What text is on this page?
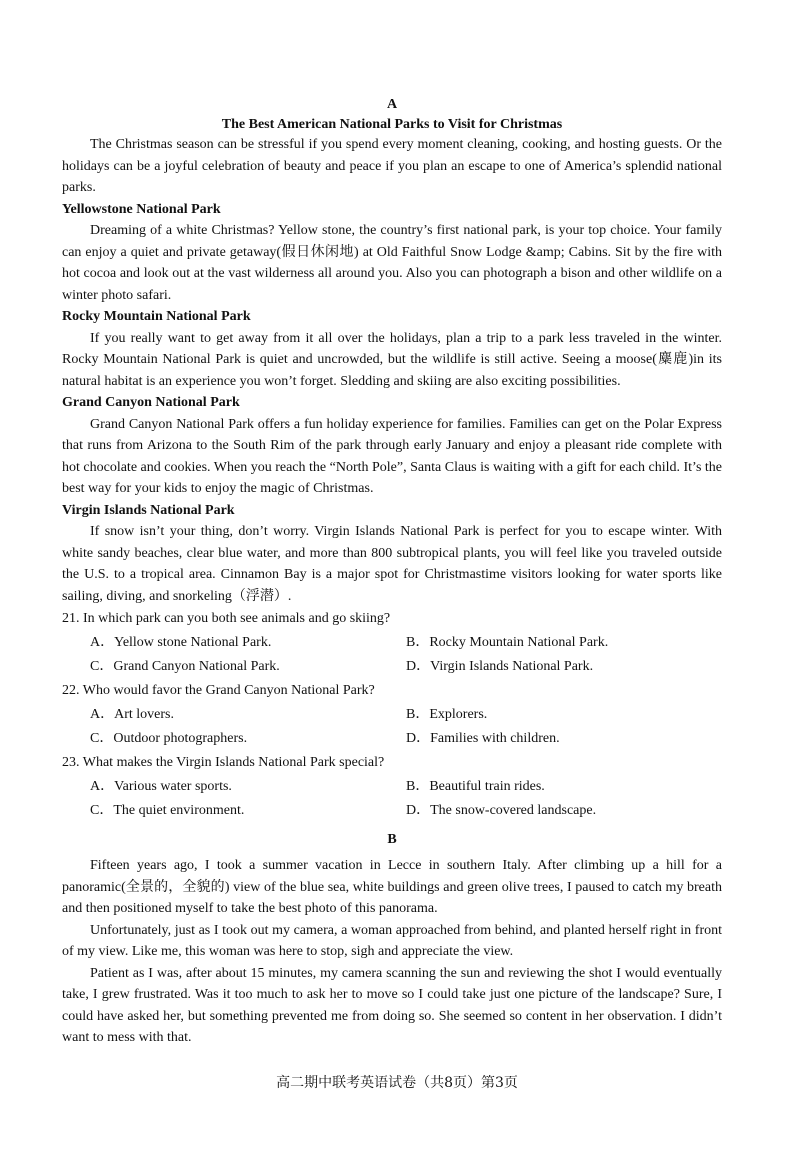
A
The Best American National Parks to Visit for Christmas

The Christmas season can be stressful if you spend every moment cleaning, cooking, and hosting guests. Or the holidays can be a joyful celebration of beauty and peace if you plan an escape to one of America’s splendid national parks.

Yellowstone National Park

Dreaming of a white Christmas? Yellow stone, the country’s first national park, is your top choice. Your family can enjoy a quiet and private getaway(假日休闲地) at Old Faithful Snow Lodge &amp; Cabins. Sit by the fire with hot cocoa and look out at the vast wilderness all around you. Also you can photograph a bison and other wildlife on a winter photo safari.

Rocky Mountain National Park

If you really want to get away from it all over the holidays, plan a trip to a park less traveled in the winter. Rocky Mountain National Park is quiet and uncrowded, but the wildlife is still active. Seeing a moose(麋鹿)in its natural habitat is an experience you won’t forget. Sledding and skiing are also exciting possibilities.

Grand Canyon National Park

Grand Canyon National Park offers a fun holiday experience for families. Families can get on the Polar Express that runs from Arizona to the South Rim of the park through early January and enjoy a pleasant ride complete with hot chocolate and cookies. When you reach the “North Pole”, Santa Claus is waiting with a gift for each child. It’s the best way for your kids to enjoy the magic of Christmas.

Virgin Islands National Park

If snow isn’t your thing, don’t worry. Virgin Islands National Park is perfect for you to escape winter. With white sandy beaches, clear blue water, and more than 800 subtropical plants, you will feel like you traveled outside the U.S. to a tropical area. Cinnamon Bay is a major spot for Christmastime visitors looking for water sports like sailing, diving, and snorkeling（浮潜）.

21. In which park can you both see animals and go skiing?
A．Yellow stone National Park.	B．Rocky Mountain National Park.
C．Grand Canyon National Park.	D．Virgin Islands National Park.
22. Who would favor the Grand Canyon National Park?
A．Art lovers.	B．Explorers.
C．Outdoor photographers.	D．Families with children.
23. What makes the Virgin Islands National Park special?
A．Various water sports.	B．Beautiful train rides.
C．The quiet environment.	D．The snow-covered landscape.
B

Fifteen years ago, I took a summer vacation in Lecce in southern Italy. After climbing up a hill for a panoramic(全景的，全貌的) view of the blue sea, white buildings and green olive trees, I paused to catch my breath and then positioned myself to take the best photo of this panorama.

Unfortunately, just as I took out my camera, a woman approached from behind, and planted herself right in front of my view. Like me, this woman was here to stop, sigh and appreciate the view.

Patient as I was, after about 15 minutes, my camera scanning the sun and reviewing the shot I would eventually take, I grew frustrated. Was it too much to ask her to move so I could take just one picture of the landscape? Sure, I could have asked her, but something prevented me from doing so. She seemed so content in her observation. I didn’t want to mess with that.

高二期中联考英语试卷（共8页）第3页
